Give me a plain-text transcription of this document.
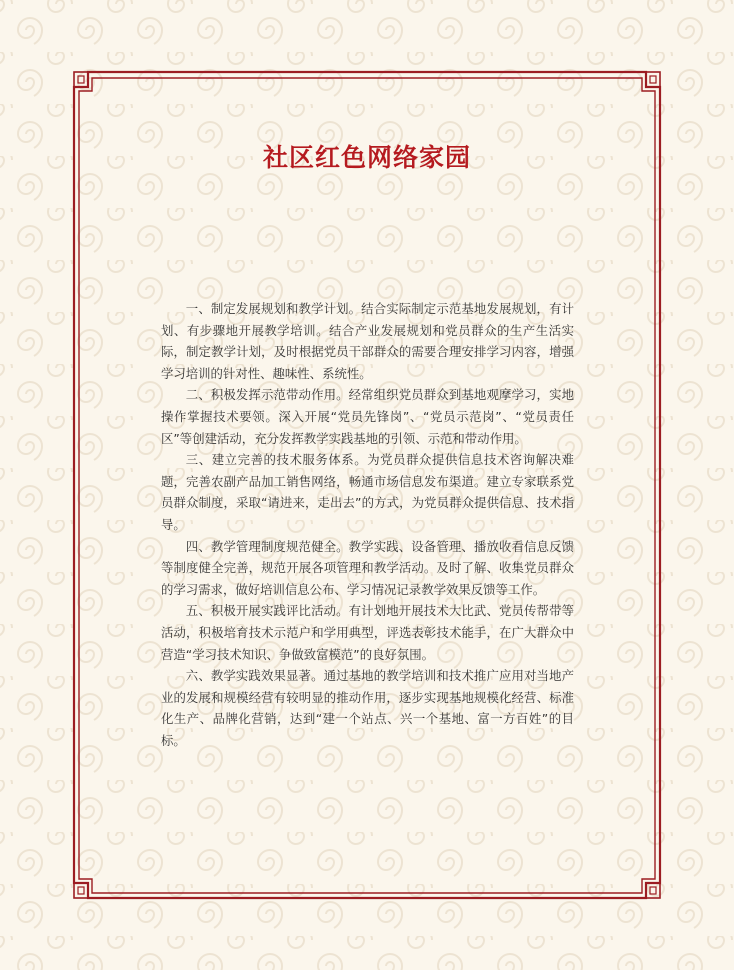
社区红色网络家园

一、制定发展规划和教学计划。结合实际制定示范基地发展规划，有计划、有步骤地开展教学培训。结合产业发展规划和党员群众的生产生活实际，制定教学计划，及时根据党员干部群众的需要合理安排学习内容，增强学习培训的针对性、趣味性、系统性。

二、积极发挥示范带动作用。经常组织党员群众到基地观摩学习，实地操作掌握技术要领。深入开展“党员先锋岗”、“党员示范岗”、“党员责任区”等创建活动，充分发挥教学实践基地的引领、示范和带动作用。

三、建立完善的技术服务体系。为党员群众提供信息技术咨询解决难题，完善农副产品加工销售网络，畅通市场信息发布渠道。建立专家联系党员群众制度，采取“请进来，走出去”的方式，为党员群众提供信息、技术指导。

四、教学管理制度规范健全。教学实践、设备管理、播放收看信息反馈等制度健全完善，规范开展各项管理和教学活动。及时了解、收集党员群众的学习需求，做好培训信息公布、学习情况记录教学效果反馈等工作。

五、积极开展实践评比活动。有计划地开展技术大比武、党员传帮带等活动，积极培育技术示范户和学用典型，评选表彰技术能手，在广大群众中营造“学习技术知识、争做致富模范”的良好氛围。

六、教学实践效果显著。通过基地的教学培训和技术推广应用对当地产业的发展和规模经营有较明显的推动作用，逐步实现基地规模化经营、标准化生产、品牌化营销，达到“建一个站点、兴一个基地、富一方百姓”的目标。
